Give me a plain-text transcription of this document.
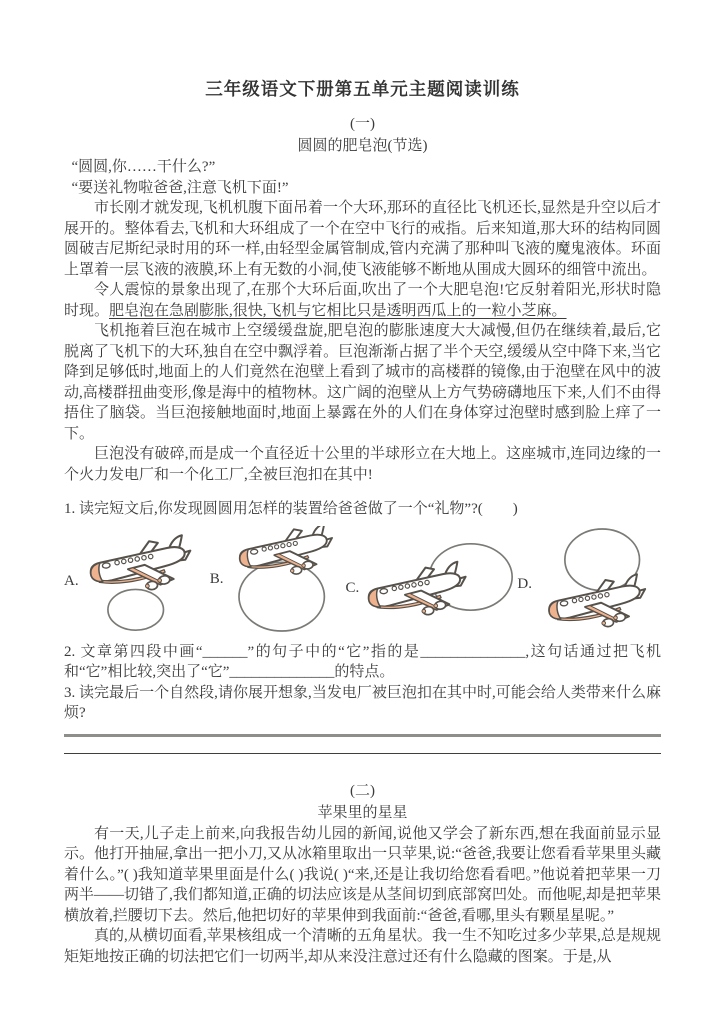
三年级语文下册第五单元主题阅读训练

(一)

圆圆的肥皂泡(节选)

“圆圆,你……干什么?”

“要送礼物啦爸爸,注意飞机下面!”

市长刚才就发现,飞机机腹下面吊着一个大环,那环的直径比飞机还长,显然是升空以后才展开的。整体看去,飞机和大环组成了一个在空中飞行的戒指。后来知道,那大环的结构同圆圆破吉尼斯纪录时用的环一样,由轻型金属管制成,管内充满了那种叫飞液的魔鬼液体。环面上罩着一层飞液的液膜,环上有无数的小洞,使飞液能够不断地从围成大圆环的细管中流出。

令人震惊的景象出现了,在那个大环后面,吹出了一个大肥皂泡!它反射着阳光,形状时隐时现。肥皂泡在急剧膨胀,很快,飞机与它相比只是透明西瓜上的一粒小芝麻。

飞机拖着巨泡在城市上空缓缓盘旋,肥皂泡的膨胀速度大大减慢,但仍在继续着,最后,它脱离了飞机下的大环,独自在空中飘浮着。巨泡渐渐占据了半个天空,缓缓从空中降下来,当它降到足够低时,地面上的人们竟然在泡壁上看到了城市的高楼群的镜像,由于泡壁在风中的波动,高楼群扭曲变形,像是海中的植物林。这广阔的泡壁从上方气势磅礴地压下来,人们不由得捂住了脑袋。当巨泡接触地面时,地面上暴露在外的人们在身体穿过泡壁时感到脸上痒了一下。

巨泡没有破碎,而是成一个直径近十公里的半球形立在大地上。这座城市,连同边缘的一个火力发电厂和一个化工厂,全被巨泡扣在其中!

1. 读完短文后,你发现圆圆用怎样的装置给爸爸做了一个“礼物”?(　　)

A.	B.
C.	D.

2. 文章第四段中画“______”的句子中的“它”指的是______________,这句话通过把飞机和“它”相比较,突出了“它”______________的特点。

3. 读完最后一个自然段,请你展开想象,当发电厂被巨泡扣在其中时,可能会给人类带来什么麻烦?

(二)

苹果里的星星

有一天,儿子走上前来,向我报告幼儿园的新闻,说他又学会了新东西,想在我面前显示显示。他打开抽屉,拿出一把小刀,又从冰箱里取出一只苹果,说:“爸爸,我要让您看看苹果里头藏着什么。”( )我知道苹果里面是什么( )我说( )“来,还是让我切给您看看吧。”他说着把苹果一刀两半——切错了,我们都知道,正确的切法应该是从茎间切到底部窝凹处。而他呢,却是把苹果横放着,拦腰切下去。然后,他把切好的苹果伸到我面前:“爸爸,看哪,里头有颗星星呢。”

真的,从横切面看,苹果核组成一个清晰的五角星状。我一生不知吃过多少苹果,总是规规矩矩地按正确的切法把它们一切两半,却从来没注意过还有什么隐藏的图案。于是,从
